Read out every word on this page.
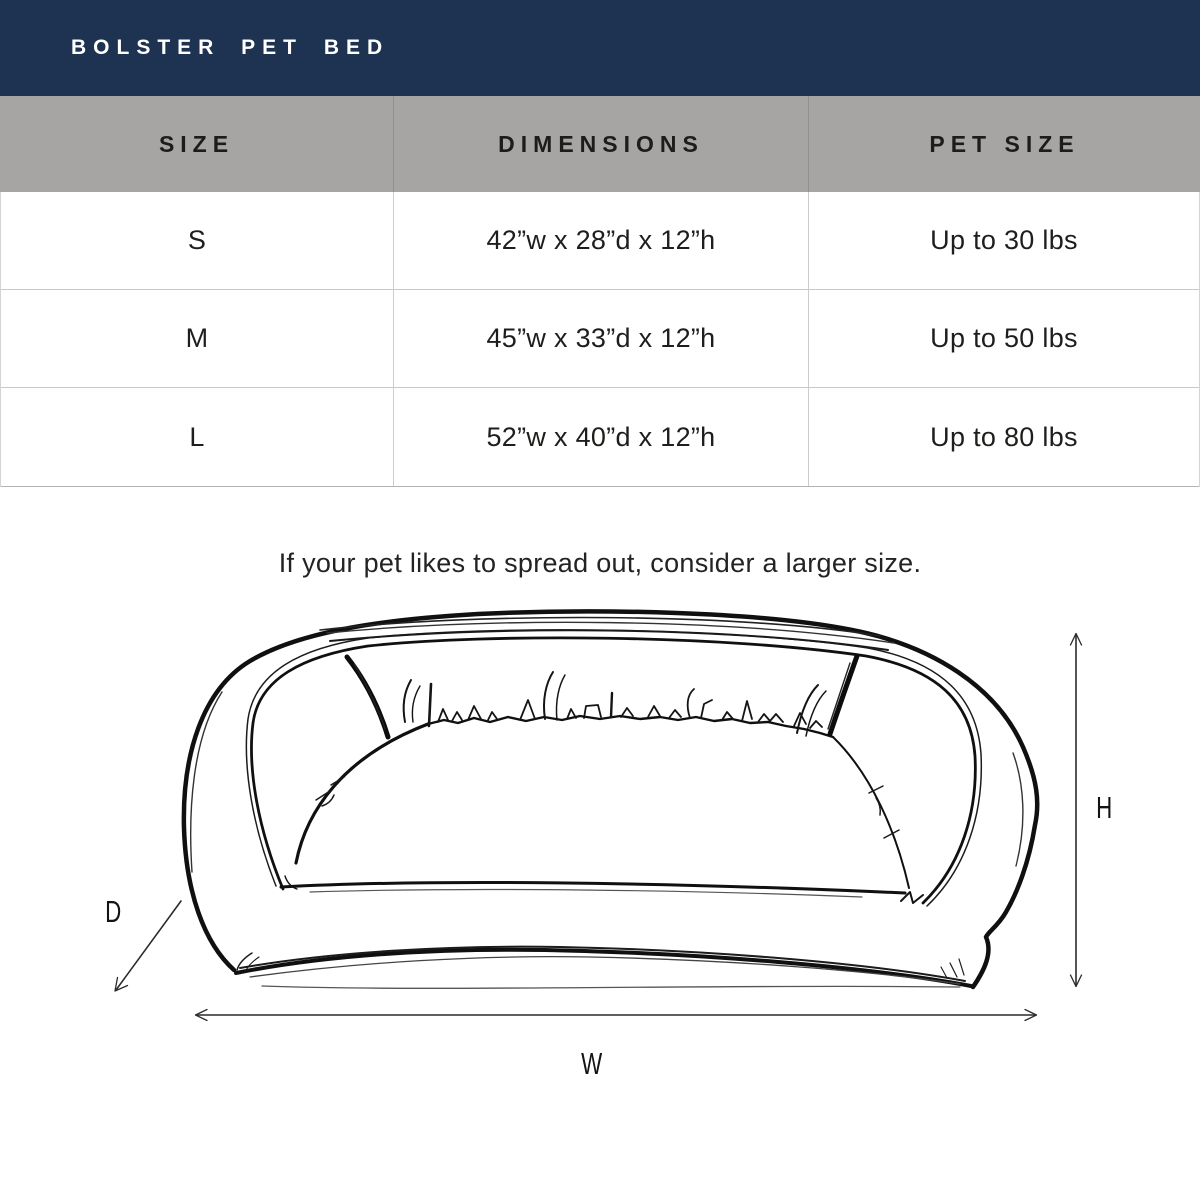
BOLSTER PET BED
SIZE	DIMENSIONS	PET SIZE
S	42”w x 28”d x 12”h	Up to 30 lbs
M	45”w x 33”d x 12”h	Up to 50 lbs
L	52”w x 40”d x 12”h	Up to 80 lbs

If your pet likes to spread out, consider a larger size.

H
W
D
